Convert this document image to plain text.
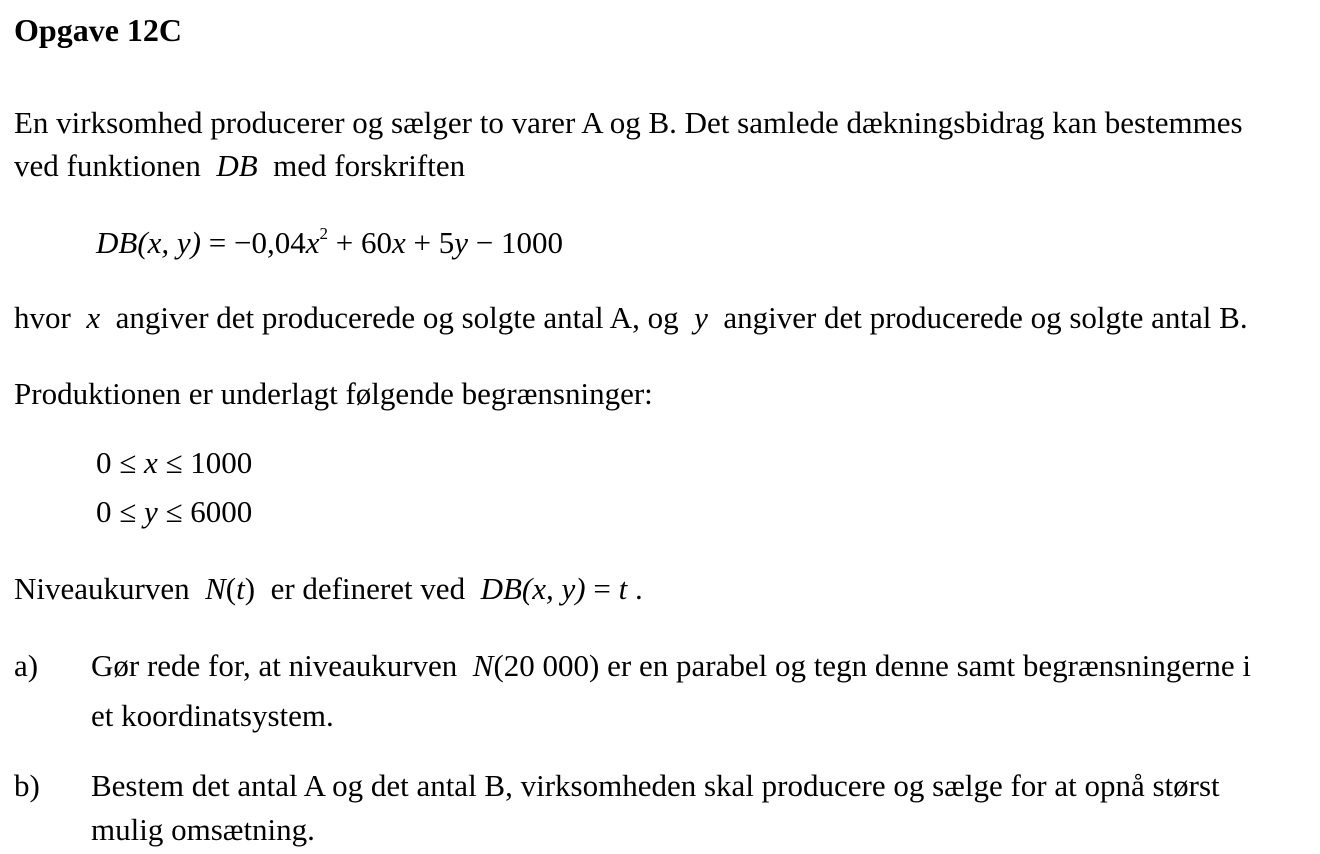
Opgave 12C
En virksomhed producerer og sælger to varer A og B. Det samlede dækningsbidrag kan bestemmes
ved funktionen DB med forskriften
DB(x, $y) = -0,04x^2 + 60x + 5y - 1000$
hvor x angiver det producerede og solgte antal A, og y angiver det producerede og solgte antal B.
Produktionen er underlagt følgende begrænsninger:
0 ≤ x ≤ 1000
0 ≤ y ≤ 6000
Niveaukurven N(t) er defineret ved DB(x, y) = t .
a) Gør rede for, at niveaukurven N(20 000) er en parabel og tegn denne samt begrænsningerne i
et koordinatsystem.
b) Bestem det antal A og det antal B, virksomheden skal producere og sælge for at opnå størst
mulig omsætning.
